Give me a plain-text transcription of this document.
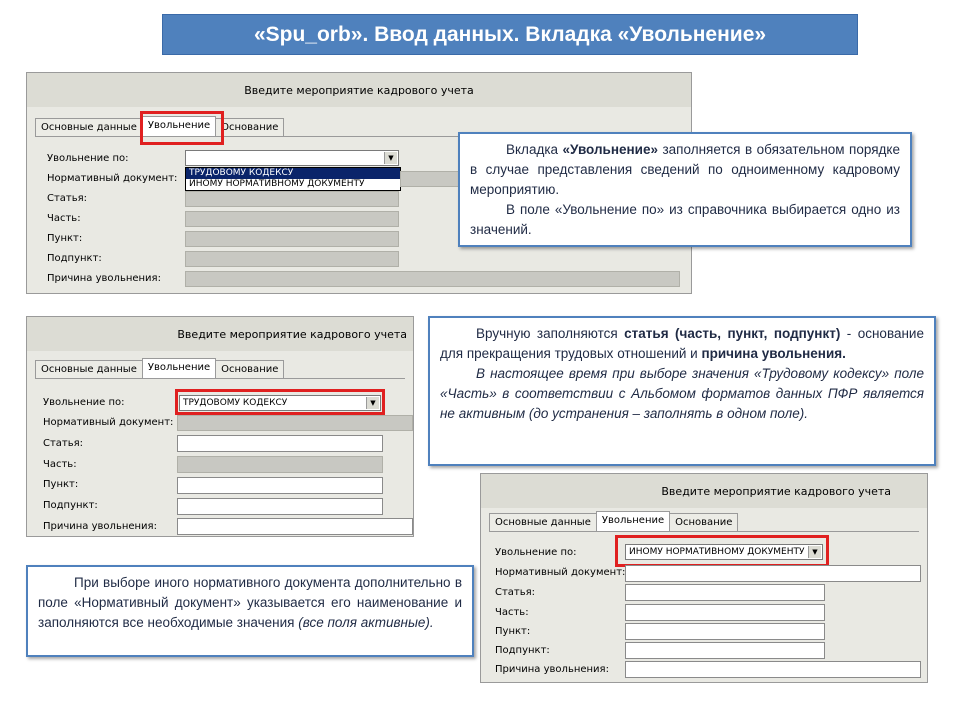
«Spu_orb». Ввод данных. Вкладка «Увольнение»
Введите мероприятие кадрового учета
Основные данные	Увольнение	Основание
Увольнение по:	▼
ТРУДОВОМУ КОДЕКСУ
ИНОМУ НОРМАТИВНОМУ ДОКУМЕНТУ
Нормативный документ:
Статья:
Часть:
Пункт:
Подпункт:
Причина увольнения:

Вкладка «Увольнение» заполняется в обязательном порядке в случае представления сведений по одноименному кадровому мероприятию.

В поле «Увольнение по» из справочника выбирается одно из значений.

Введите мероприятие кадрового учета
Основные данные	Увольнение	Основание
Увольнение по:	ТРУДОВОМУ КОДЕКСУ	▼
Нормативный документ:
Статья:
Часть:
Пункт:
Подпункт:
Причина увольнения:

Вручную заполняются статья (часть, пункт, подпункт) - основание для прекращения трудовых отношений и причина увольнения.

В настоящее время при выборе значения «Трудовому кодексу» поле «Часть» в соответствии с Альбомом форматов данных ПФР является не активным (до устранения – заполнять в одном поле).

Введите мероприятие кадрового учета
Основные данные	Увольнение	Основание
Увольнение по:	ИНОМУ НОРМАТИВНОМУ ДОКУМЕНТУ	▼
Нормативный документ:
Статья:
Часть:
Пункт:
Подпункт:
Причина увольнения:

При выборе иного нормативного документа дополнительно в поле «Нормативный документ» указывается его наименование и заполняются все необходимые значения (все поля активные).
